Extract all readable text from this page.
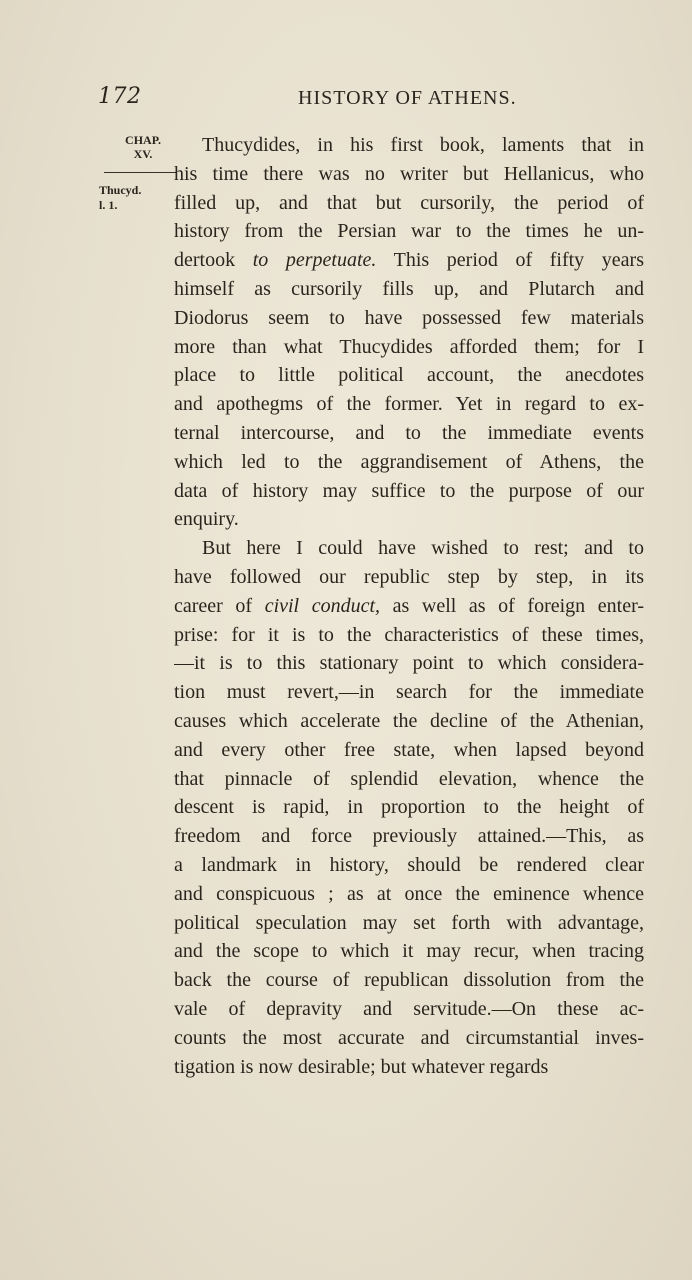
172	HISTORY OF ATHENS.
CHAP.
XV.
Thucyd.
l. 1.
Thucydides, in his first book, laments that in
his time there was no writer but Hellanicus, who
filled up, and that but cursorily, the period of
history from the Persian war to the times he un-
dertook to perpetuate. This period of fifty years
himself as cursorily fills up, and Plutarch and
Diodorus seem to have possessed few materials
more than what Thucydides afforded them; for I
place to little political account, the anecdotes
and apothegms of the former. Yet in regard to ex-
ternal intercourse, and to the immediate events
which led to the aggrandisement of Athens, the
data of history may suffice to the purpose of our
enquiry.
But here I could have wished to rest; and to
have followed our republic step by step, in its
career of civil conduct, as well as of foreign enter-
prise: for it is to the characteristics of these times,
—it is to this stationary point to which considera-
tion must revert,—in search for the immediate
causes which accelerate the decline of the Athenian,
and every other free state, when lapsed beyond
that pinnacle of splendid elevation, whence the
descent is rapid, in proportion to the height of
freedom and force previously attained.—This, as
a landmark in history, should be rendered clear
and conspicuous ; as at once the eminence whence
political speculation may set forth with advantage,
and the scope to which it may recur, when tracing
back the course of republican dissolution from the
vale of depravity and servitude.—On these ac-
counts the most accurate and circumstantial inves-
tigation is now desirable; but whatever regards
